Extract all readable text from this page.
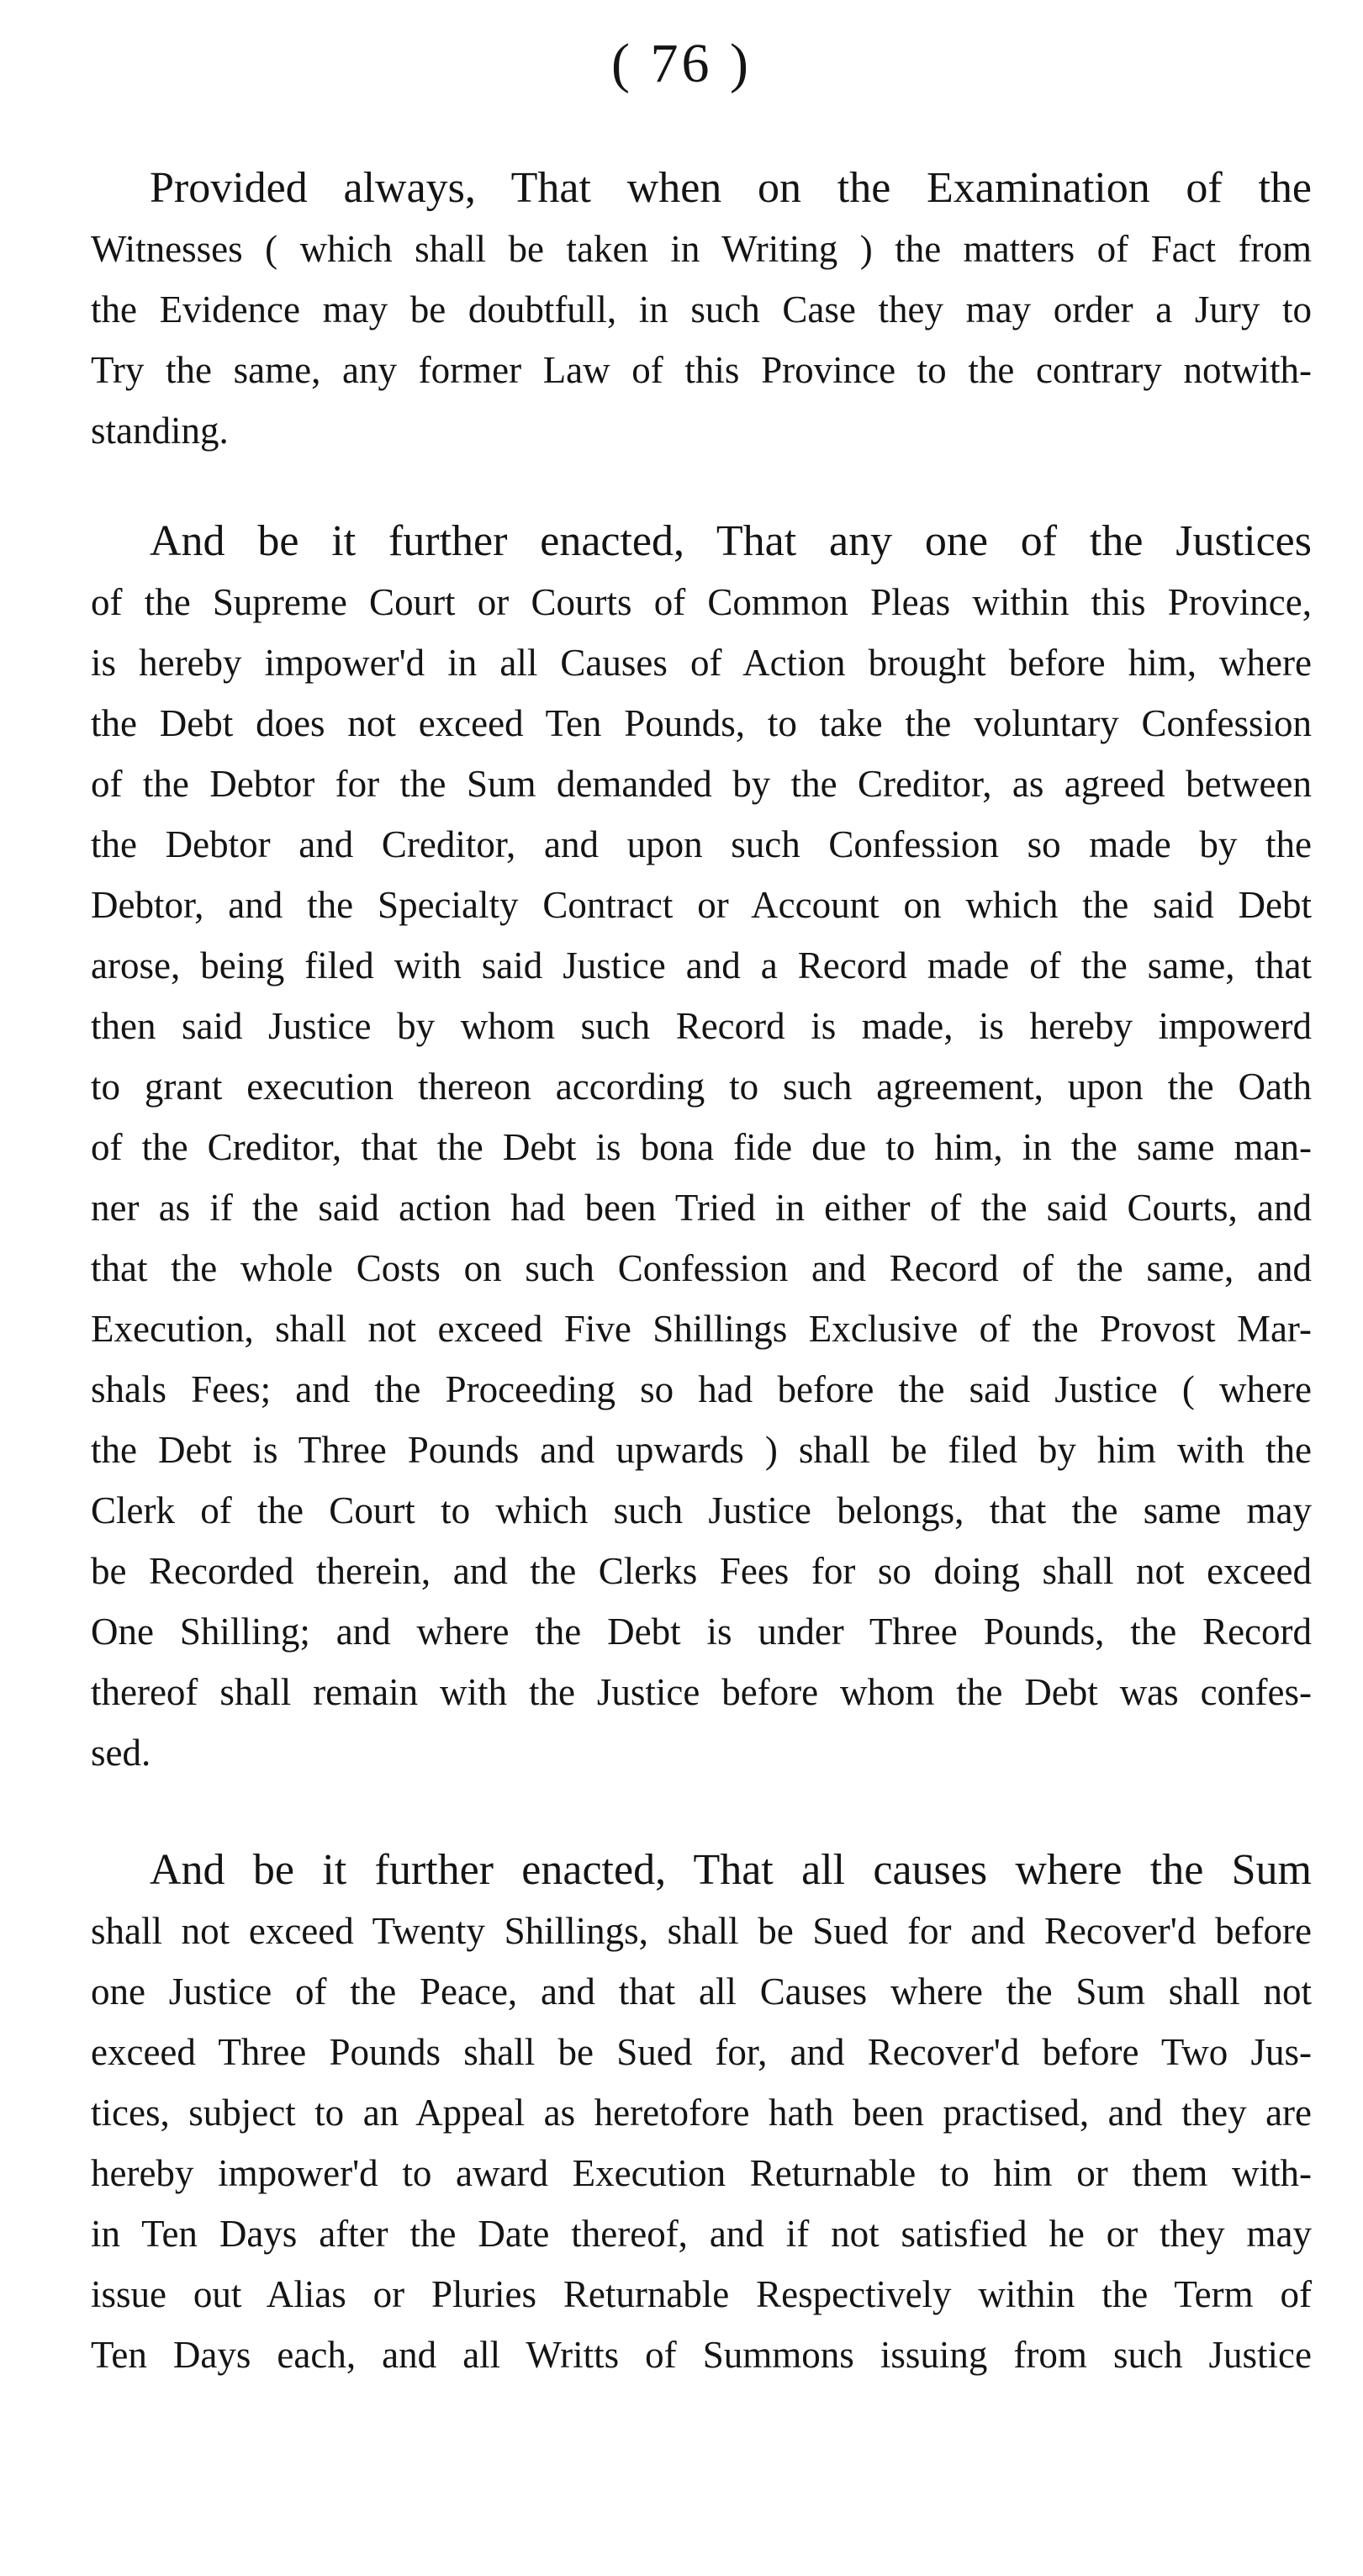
( 76 )
Provided always, That when on the Examination of the
Witnesses ( which shall be taken in Writing ) the matters of Fact from
the Evidence may be doubtfull, in such Case they may order a Jury to
Try the same, any former Law of this Province to the contrary notwith-
standing.
And be it further enacted, That any one of the Justices
of the Supreme Court or Courts of Common Pleas within this Province,
is hereby impower'd in all Causes of Action brought before him, where
the Debt does not exceed Ten Pounds, to take the voluntary Confession
of the Debtor for the Sum demanded by the Creditor, as agreed between
the Debtor and Creditor, and upon such Confession so made by the
Debtor, and the Specialty Contract or Account on which the said Debt
arose, being filed with said Justice and a Record made of the same, that
then said Justice by whom such Record is made, is hereby impowerd
to grant execution thereon according to such agreement, upon the Oath
of the Creditor, that the Debt is bona fide due to him, in the same man-
ner as if the said action had been Tried in either of the said Courts, and
that the whole Costs on such Confession and Record of the same, and
Execution, shall not exceed Five Shillings Exclusive of the Provost Mar-
shals Fees; and the Proceeding so had before the said Justice ( where
the Debt is Three Pounds and upwards ) shall be filed by him with the
Clerk of the Court to which such Justice belongs, that the same may
be Recorded therein, and the Clerks Fees for so doing shall not exceed
One Shilling; and where the Debt is under Three Pounds, the Record
thereof shall remain with the Justice before whom the Debt was confes-
sed.
And be it further enacted, That all causes where the Sum
shall not exceed Twenty Shillings, shall be Sued for and Recover'd before
one Justice of the Peace, and that all Causes where the Sum shall not
exceed Three Pounds shall be Sued for, and Recover'd before Two Jus-
tices, subject to an Appeal as heretofore hath been practised, and they are
hereby impower'd to award Execution Returnable to him or them with-
in Ten Days after the Date thereof, and if not satisfied he or they may
issue out Alias or Pluries Returnable Respectively within the Term of
Ten Days each, and all Writts of Summons issuing from such Justice
